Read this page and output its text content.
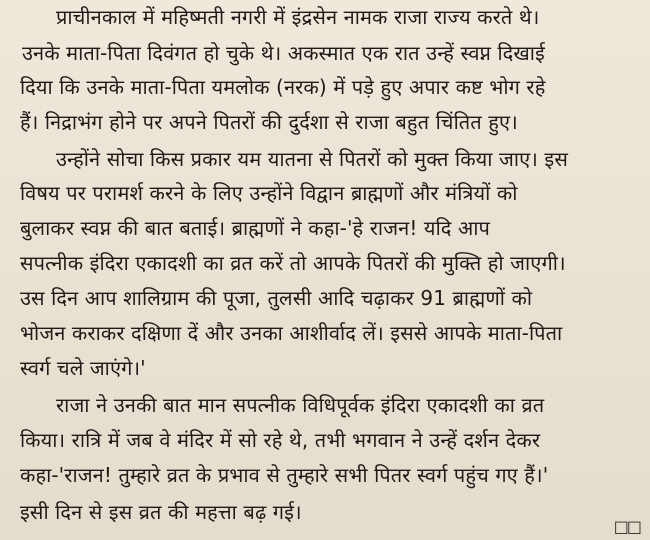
प्राचीनकाल में महिष्मती नगरी में इंद्रसेन नामक राजा राज्य करते थे।
उनके माता-पिता दिवंगत हो चुके थे। अकस्मात एक रात उन्हें स्वप्न दिखाई
दिया कि उनके माता-पिता यमलोक (नरक) में पड़े हुए अपार कष्ट भोग रहे
हैं। निद्राभंग होने पर अपने पितरों की दुर्दशा से राजा बहुत चिंतित हुए।
उन्होंने सोचा किस प्रकार यम यातना से पितरों को मुक्त किया जाए। इस
विषय पर परामर्श करने के लिए उन्होंने विद्वान ब्राह्मणों और मंत्रियों को
बुलाकर स्वप्न की बात बताई। ब्राह्मणों ने कहा-'हे राजन! यदि आप
सपत्नीक इंदिरा एकादशी का व्रत करें तो आपके पितरों की मुक्ति हो जाएगी।
उस दिन आप शालिग्राम की पूजा, तुलसी आदि चढ़ाकर 91 ब्राह्मणों को
भोजन कराकर दक्षिणा दें और उनका आशीर्वाद लें। इससे आपके माता-पिता
स्वर्ग चले जाएंगे।'
राजा ने उनकी बात मान सपत्नीक विधिपूर्वक इंदिरा एकादशी का व्रत
किया। रात्रि में जब वे मंदिर में सो रहे थे, तभी भगवान ने उन्हें दर्शन देकर
कहा-'राजन! तुम्हारे व्रत के प्रभाव से तुम्हारे सभी पितर स्वर्ग पहुंच गए हैं।'
इसी दिन से इस व्रत की महत्ता बढ़ गई।
□□
